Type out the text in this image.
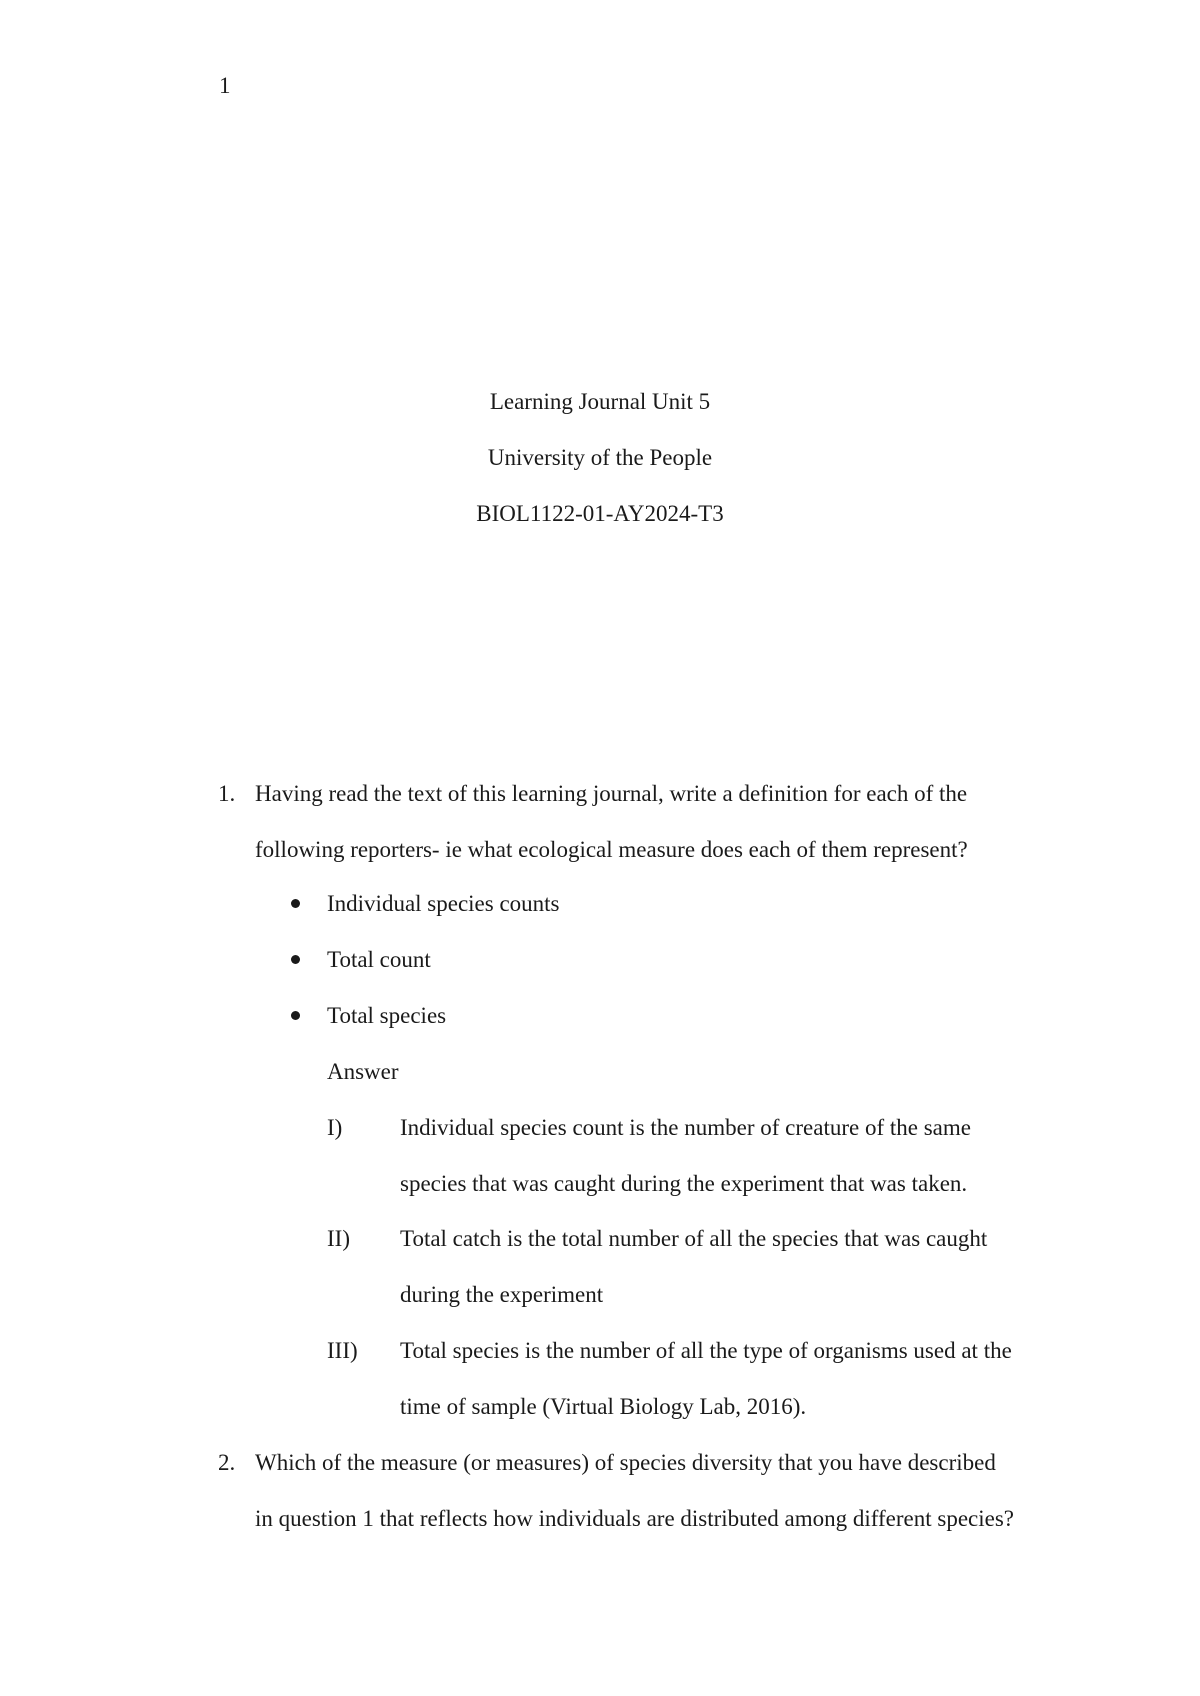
1
Learning Journal Unit 5
University of the People
BIOL1122-01-AY2024-T3
1. Having read the text of this learning journal, write a definition for each of the
following reporters- ie what ecological measure does each of them represent?
Individual species counts
Total count
Total species
Answer
I)	Individual species count is the number of creature of the same
species that was caught during the experiment that was taken.
II) Total catch is the total number of all the species that was caught
during the experiment
III) Total species is the number of all the type of organisms used at the
time of sample (Virtual Biology Lab, 2016).
2. Which of the measure (or measures) of species diversity that you have described
in question 1 that reflects how individuals are distributed among different species?
